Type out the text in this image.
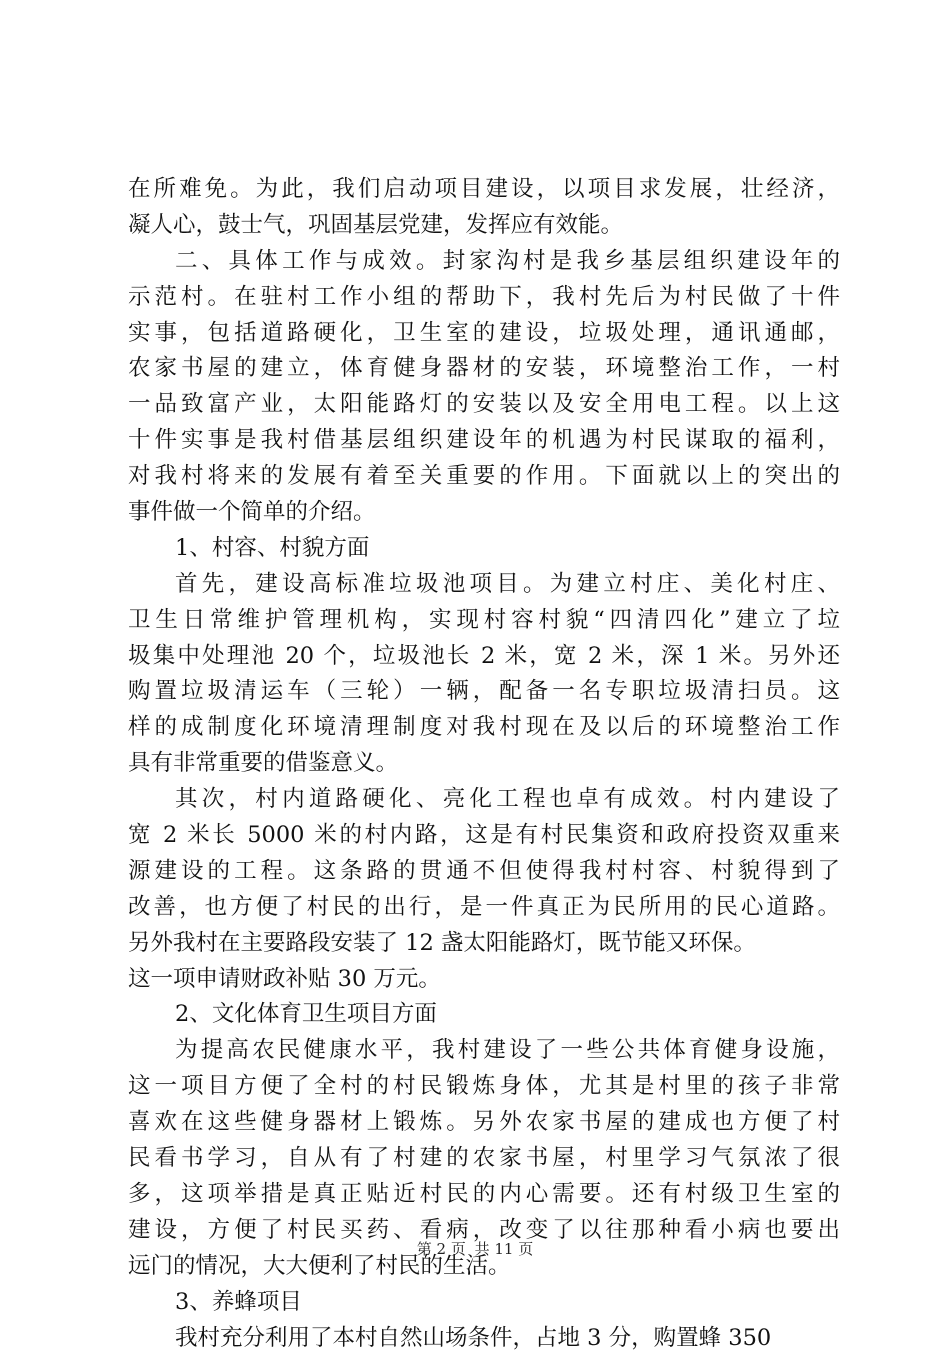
在所难免。为此，我们启动项目建设，以项目求发展，壮经济，
凝人心，鼓士气，巩固基层党建，发挥应有效能。
二、具体工作与成效。封家沟村是我乡基层组织建设年的
示范村。在驻村工作小组的帮助下，我村先后为村民做了十件
实事，包括道路硬化，卫生室的建设，垃圾处理，通讯通邮，
农家书屋的建立，体育健身器材的安装，环境整治工作，一村
一品致富产业，太阳能路灯的安装以及安全用电工程。以上这
十件实事是我村借基层组织建设年的机遇为村民谋取的福利，
对我村将来的发展有着至关重要的作用。下面就以上的突出的
事件做一个简单的介绍。
1、村容、村貌方面
首先，建设高标准垃圾池项目。为建立村庄、美化村庄、
卫生日常维护管理机构，实现村容村貌“四清四化”建立了垃
圾集中处理池 20 个，垃圾池长 2 米，宽 2 米，深 1 米。另外还
购置垃圾清运车（三轮）一辆，配备一名专职垃圾清扫员。这
样的成制度化环境清理制度对我村现在及以后的环境整治工作
具有非常重要的借鉴意义。
其次，村内道路硬化、亮化工程也卓有成效。村内建设了
宽 2 米长 5000 米的村内路，这是有村民集资和政府投资双重来
源建设的工程。这条路的贯通不但使得我村村容、村貌得到了
改善，也方便了村民的出行，是一件真正为民所用的民心道路。
另外我村在主要路段安装了 12 盏太阳能路灯，既节能又环保。
这一项申请财政补贴 30 万元。
2、文化体育卫生项目方面
为提高农民健康水平，我村建设了一些公共体育健身设施，
这一项目方便了全村的村民锻炼身体，尤其是村里的孩子非常
喜欢在这些健身器材上锻炼。另外农家书屋的建成也方便了村
民看书学习，自从有了村建的农家书屋，村里学习气氛浓了很
多，这项举措是真正贴近村民的内心需要。还有村级卫生室的
建设，方便了村民买药、看病，改变了以往那种看小病也要出
远门的情况，大大便利了村民的生活。
3、养蜂项目
我村充分利用了本村自然山场条件，占地 3 分，购置蜂 350
第 2 页 共 11 页
